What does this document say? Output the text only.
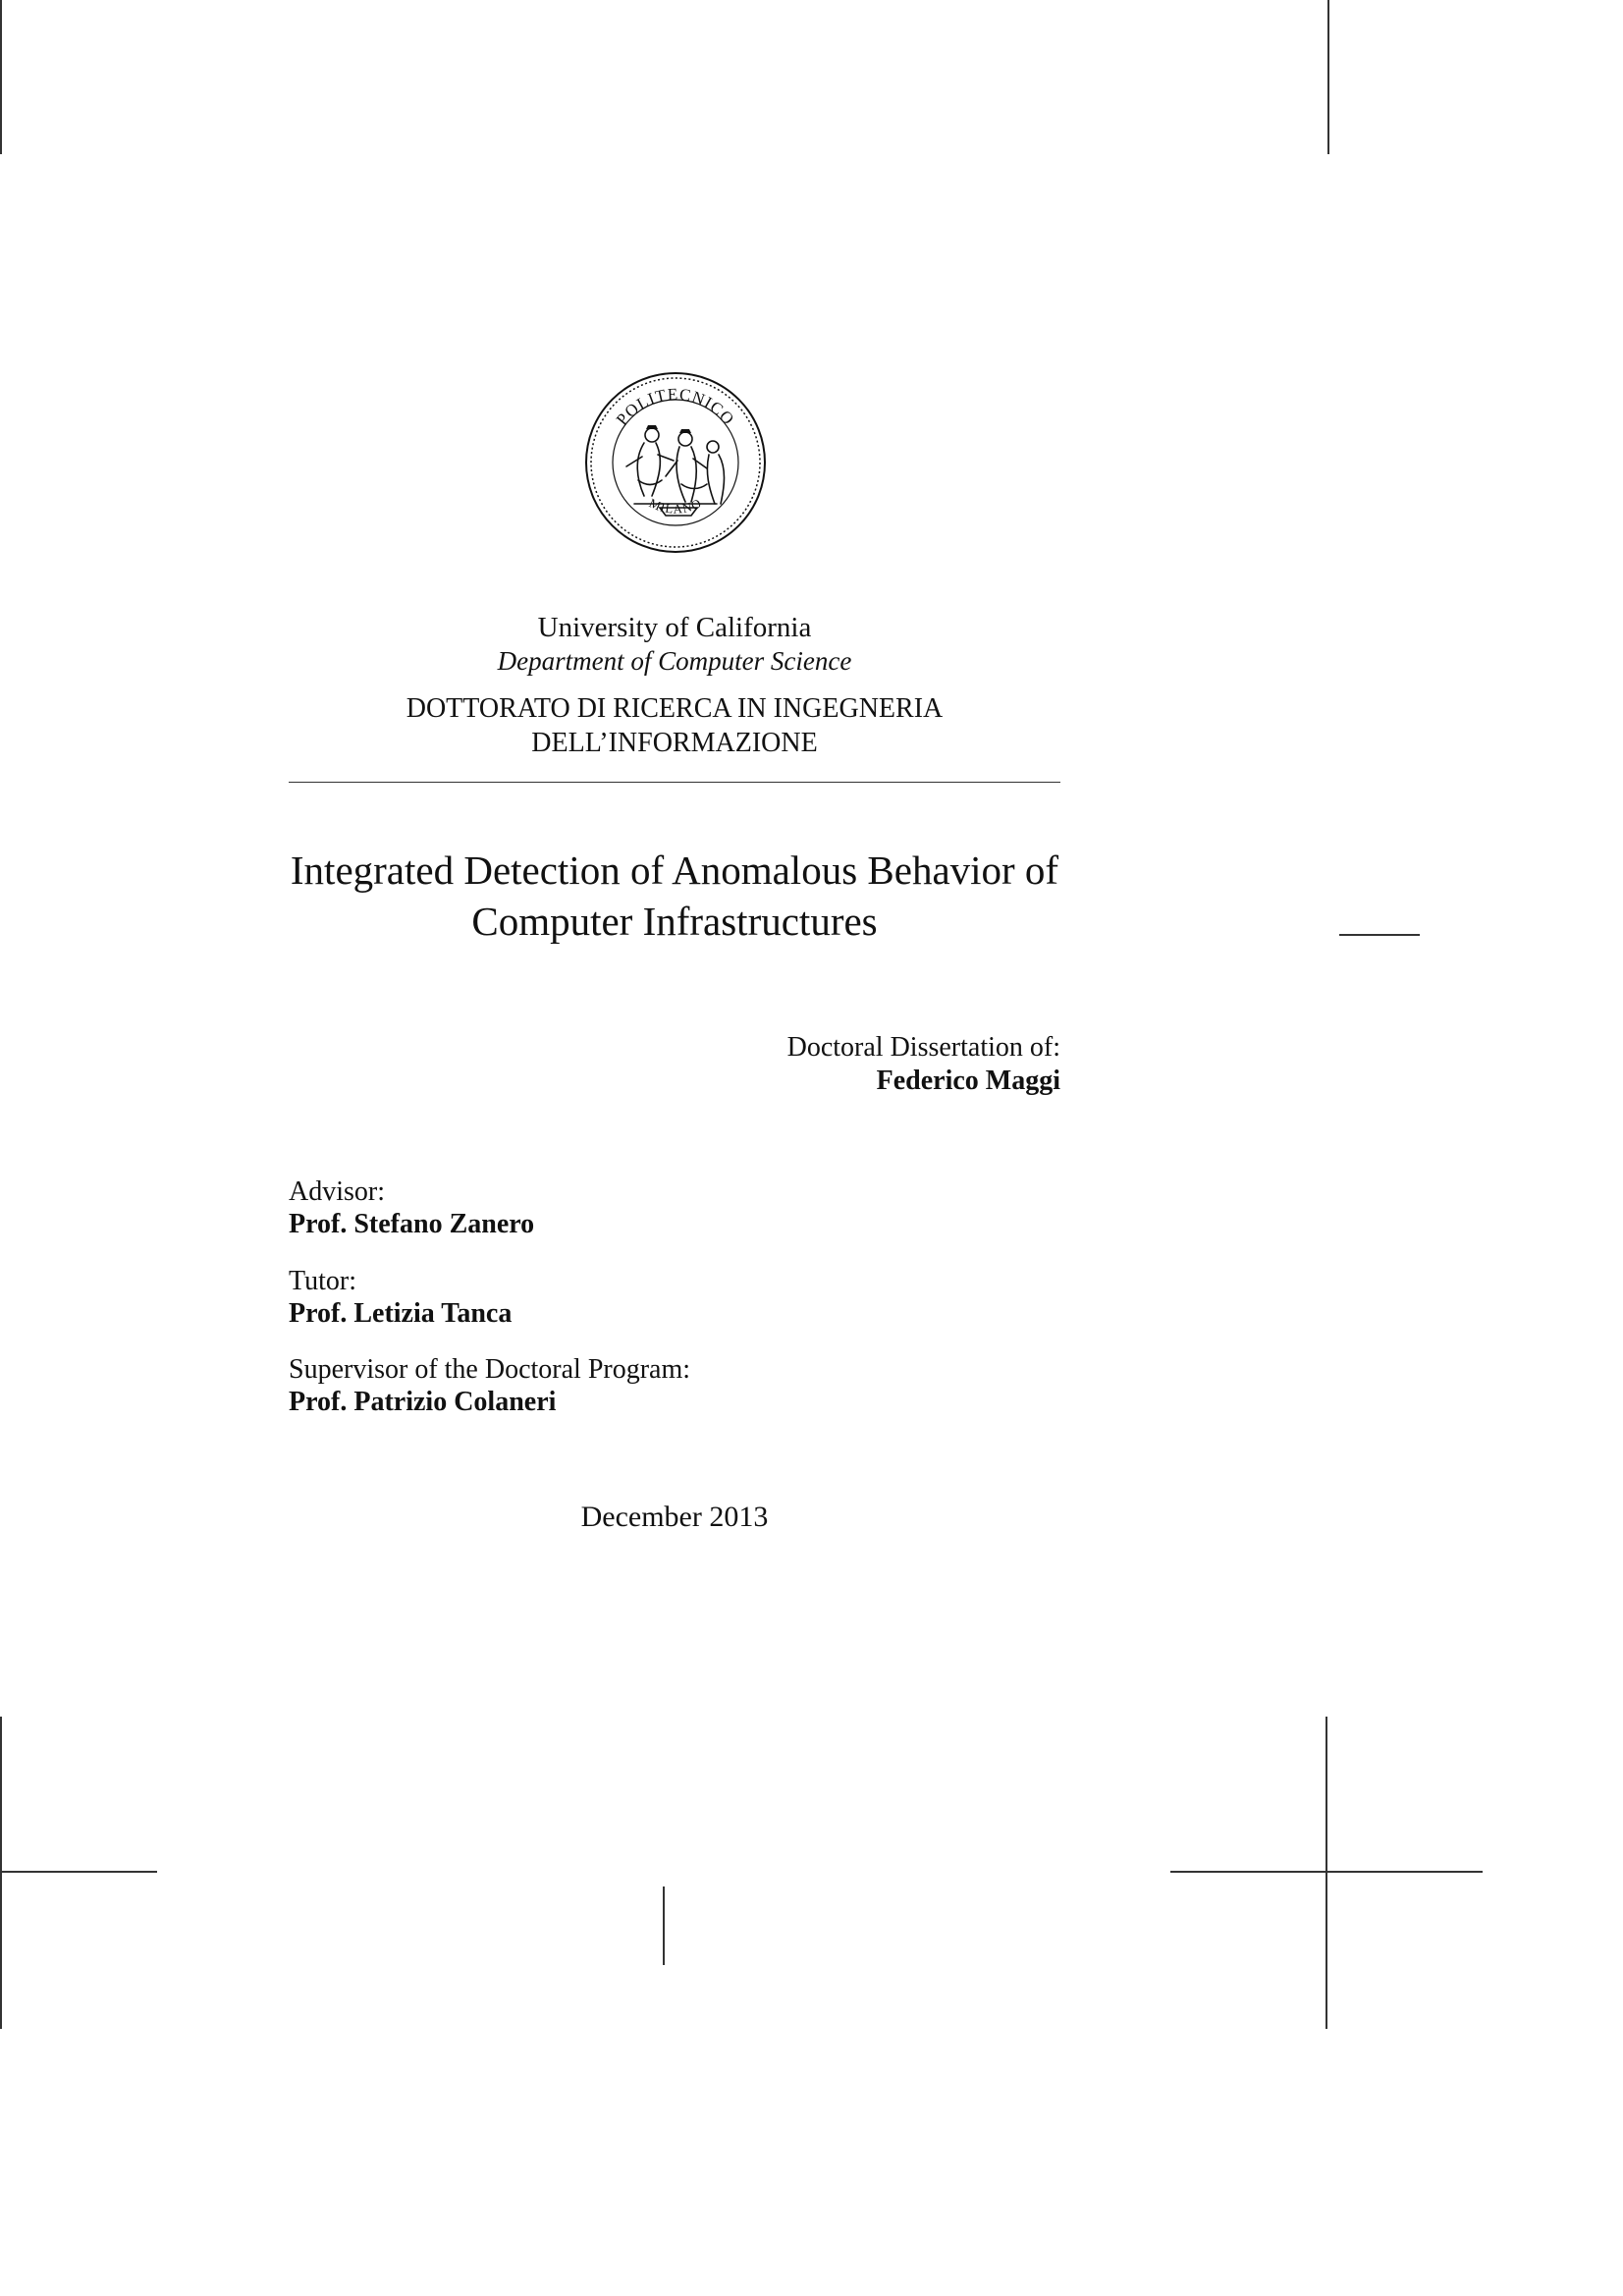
POLITECNICO
MILANO
University of California
Department of Computer Science
DOTTORATO DI RICERCA IN INGEGNERIA
DELL’INFORMAZIONE
Integrated Detection of Anomalous Behavior of
Computer Infrastructures
Doctoral Dissertation of:
Federico Maggi
Advisor:
Prof. Stefano Zanero
Tutor:
Prof. Letizia Tanca
Supervisor of the Doctoral Program:
Prof. Patrizio Colaneri
December 2013
